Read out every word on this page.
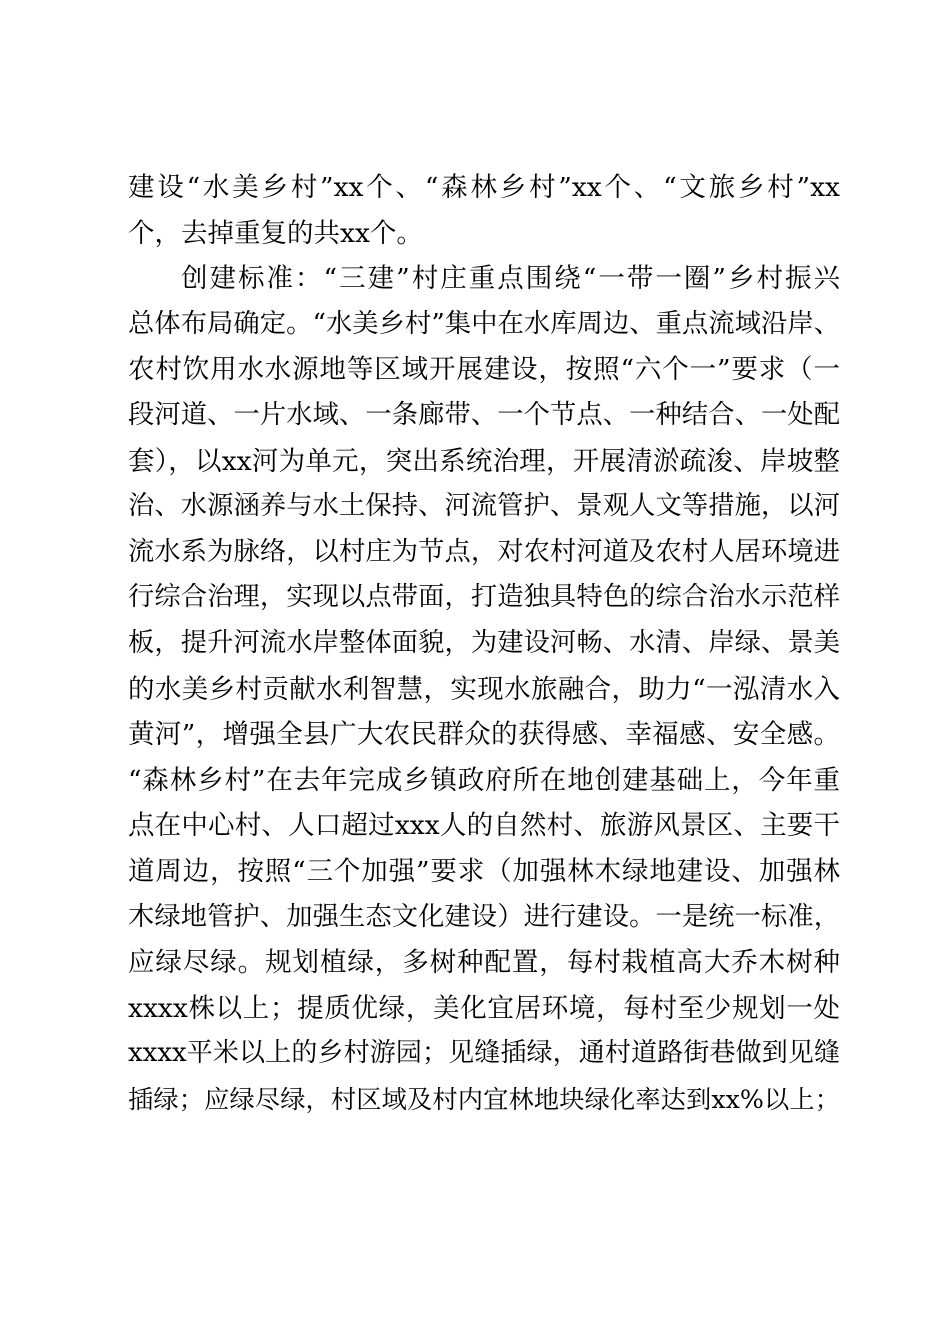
建设“水美乡村”xx个、“森林乡村”xx个、“文旅乡村”xx
个，去掉重复的共xx个。
创建标准：“三建”村庄重点围绕“一带一圈”乡村振兴
总体布局确定。“水美乡村”集中在水库周边、重点流域沿岸、
农村饮用水水源地等区域开展建设，按照“六个一”要求（一
段河道、一片水域、一条廊带、一个节点、一种结合、一处配
套），以xx河为单元，突出系统治理，开展清淤疏浚、岸坡整
治、水源涵养与水土保持、河流管护、景观人文等措施，以河
流水系为脉络，以村庄为节点，对农村河道及农村人居环境进
行综合治理，实现以点带面，打造独具特色的综合治水示范样
板，提升河流水岸整体面貌，为建设河畅、水清、岸绿、景美
的水美乡村贡献水利智慧，实现水旅融合，助力“一泓清水入
黄河”，增强全县广大农民群众的获得感、幸福感、安全感。
“森林乡村”在去年完成乡镇政府所在地创建基础上，今年重
点在中心村、人口超过xxx人的自然村、旅游风景区、主要干
道周边，按照“三个加强”要求（加强林木绿地建设、加强林
木绿地管护、加强生态文化建设）进行建设。一是统一标准，
应绿尽绿。规划植绿，多树种配置，每村栽植高大乔木树种
xxxx株以上；提质优绿，美化宜居环境，每村至少规划一处
xxxx平米以上的乡村游园；见缝插绿，通村道路街巷做到见缝
插绿；应绿尽绿，村区域及村内宜林地块绿化率达到xx%以上；
